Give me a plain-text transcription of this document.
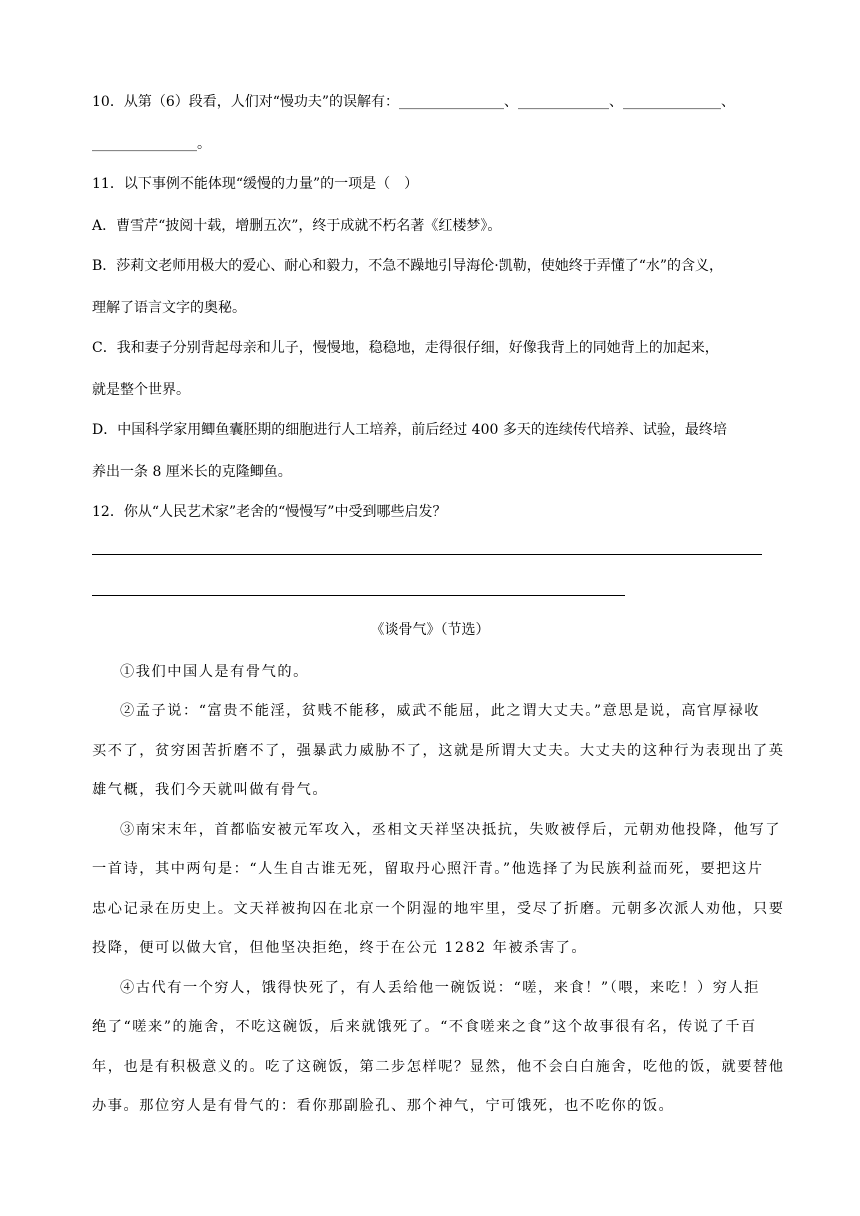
10．从第（6）段看，人们对“慢功夫”的误解有：_______________、_____________、______________、
_______________。
11．以下事例不能体现“缓慢的力量”的一项是（　）
A．曹雪芹“披阅十载，增删五次”，终于成就不朽名著《红楼梦》。
B．莎莉文老师用极大的爱心、耐心和毅力，不急不躁地引导海伦·凯勒，使她终于弄懂了“水”的含义，
理解了语言文字的奥秘。
C．我和妻子分别背起母亲和儿子，慢慢地，稳稳地，走得很仔细，好像我背上的同她背上的加起来，
就是整个世界。
D．中国科学家用鲫鱼囊胚期的细胞进行人工培养，前后经过 400 多天的连续传代培养、试验，最终培
养出一条 8 厘米长的克隆鲫鱼。
12．你从“人民艺术家”老舍的“慢慢写”中受到哪些启发？
《谈骨气》（节选）
①我们中国人是有骨气的。
②孟子说：“富贵不能淫，贫贱不能移，威武不能屈，此之谓大丈夫。”意思是说，高官厚禄收
买不了，贫穷困苦折磨不了，强暴武力威胁不了，这就是所谓大丈夫。大丈夫的这种行为表现出了英
雄气概，我们今天就叫做有骨气。
③南宋末年，首都临安被元军攻入，丞相文天祥坚决抵抗，失败被俘后，元朝劝他投降，他写了
一首诗，其中两句是：“人生自古谁无死，留取丹心照汗青。”他选择了为民族利益而死，要把这片
忠心记录在历史上。文天祥被拘囚在北京一个阴湿的地牢里，受尽了折磨。元朝多次派人劝他，只要
投降，便可以做大官，但他坚决拒绝，终于在公元 1282 年被杀害了。
④古代有一个穷人，饿得快死了，有人丢给他一碗饭说：“嗟，来食！”（喂，来吃！）穷人拒
绝了“嗟来”的施舍，不吃这碗饭，后来就饿死了。“不食嗟来之食”这个故事很有名，传说了千百
年，也是有积极意义的。吃了这碗饭，第二步怎样呢？显然，他不会白白施舍，吃他的饭，就要替他
办事。那位穷人是有骨气的：看你那副脸孔、那个神气，宁可饿死，也不吃你的饭。
